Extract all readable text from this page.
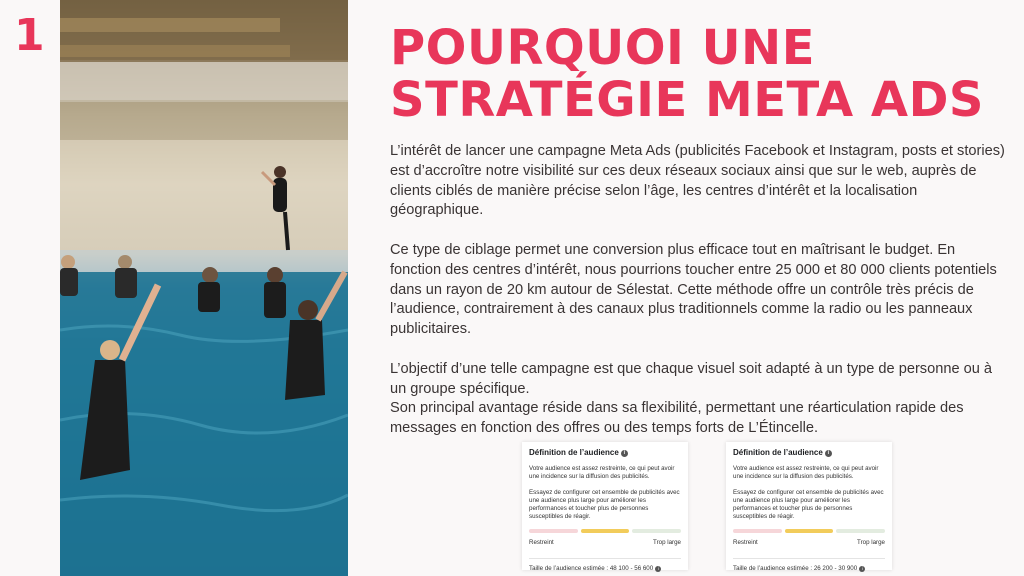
1	POURQUOI UNE
STRATÉGIE META ADS

L’intérêt de lancer une campagne Meta Ads (publicités Facebook et Instagram, posts et stories) est d’accroître notre visibilité sur ces deux réseaux sociaux ainsi que sur le web, auprès de clients ciblés de manière précise selon l’âge, les centres d’intérêt et la localisation géographique.

Ce type de ciblage permet une conversion plus efficace tout en maîtrisant le budget. En fonction des centres d’intérêt, nous pourrions toucher entre 25 000 et 80 000 clients potentiels dans un rayon de 20 km autour de Sélestat. Cette méthode offre un contrôle très précis de l’audience, contrairement à des canaux plus traditionnels comme la radio ou les panneaux publicitaires.

L’objectif d’une telle campagne est que chaque visuel soit adapté à un type de personne ou à un groupe spécifique.

Son principal avantage réside dans sa flexibilité, permettant une réarticulation rapide des messages en fonction des offres ou des temps forts de L’Étincelle.

Définition de l’audience i
Votre audience est assez restreinte, ce qui peut avoir une incidence sur la diffusion des publicités.
Essayez de configurer cet ensemble de publicités avec une audience plus large pour améliorer les performances et toucher plus de personnes susceptibles de réagir.
Restreint	Trop large
Taille de l’audience estimée : 48 100 - 56 600 i
Définition de l’audience i
Votre audience est assez restreinte, ce qui peut avoir une incidence sur la diffusion des publicités.
Essayez de configurer cet ensemble de publicités avec une audience plus large pour améliorer les performances et toucher plus de personnes susceptibles de réagir.
Restreint	Trop large
Taille de l’audience estimée : 26 200 - 30 900 i
